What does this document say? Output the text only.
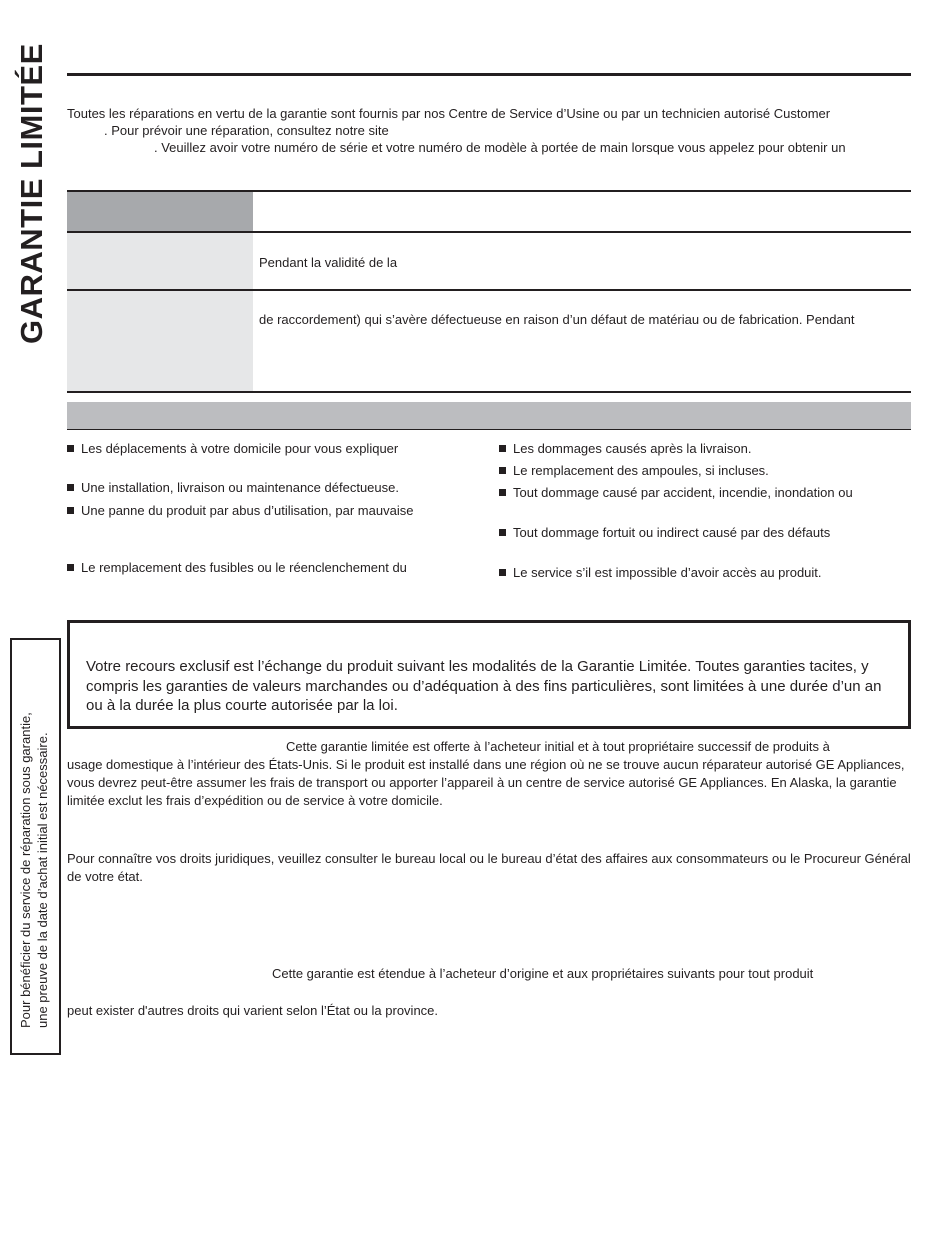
GARANTIE LIMITÉE Toutes les réparations en vertu de la garantie sont fournis par nos Centre de Service d’Usine ou par un technicien autorisé Customer
. Pour prévoir une réparation, consultez notre site
. Veuillez avoir votre numéro de série et votre numéro de modèle à portée de main lorsque vous appelez pour obtenir un
Pendant la validité de la
de raccordement) qui s’avère défectueuse en raison d’un défaut de matériau ou de fabrication. Pendant
Les déplacements à votre domicile pour vous expliquer
Une installation, livraison ou maintenance défectueuse.
Une panne du produit par abus d’utilisation, par mauvaise
Le remplacement des fusibles ou le réenclenchement du
Les dommages causés après la livraison.
Le remplacement des ampoules, si incluses.
Tout dommage causé par accident, incendie, inondation ou
Tout dommage fortuit ou indirect causé par des défauts
Le service s’il est impossible d’avoir accès au produit.

Votre recours exclusif est l’échange du produit suivant les modalités de la Garantie Limitée. Toutes garanties tacites, y compris les garanties de valeurs marchandes ou d’adéquation à des fins particulières, sont limitées à une durée d’un an ou à la durée la plus courte autorisée par la loi.

Cette garantie limitée est offerte à l’acheteur initial et à tout propriétaire successif de produits à
usage domestique à l’intérieur des États-Unis. Si le produit est installé dans une région où ne se trouve aucun réparateur autorisé GE Appliances, vous devrez peut-être assumer les frais de transport ou apporter l’appareil à un centre de service autorisé GE Appliances. En Alaska, la garantie limitée exclut les frais d’expédition ou de service à votre domicile.
Pour connaître vos droits juridiques, veuillez consulter le bureau local ou le bureau d’état des affaires aux consommateurs ou le Procureur Général de votre état.
Cette garantie est étendue à l’acheteur d’origine et aux propriétaires suivants pour tout produit
peut exister d'autres droits qui varient selon l’État ou la province.
Pour bénéficier du service de réparation sous garantie, une preuve de la date d’achat initial est nécessaire.
